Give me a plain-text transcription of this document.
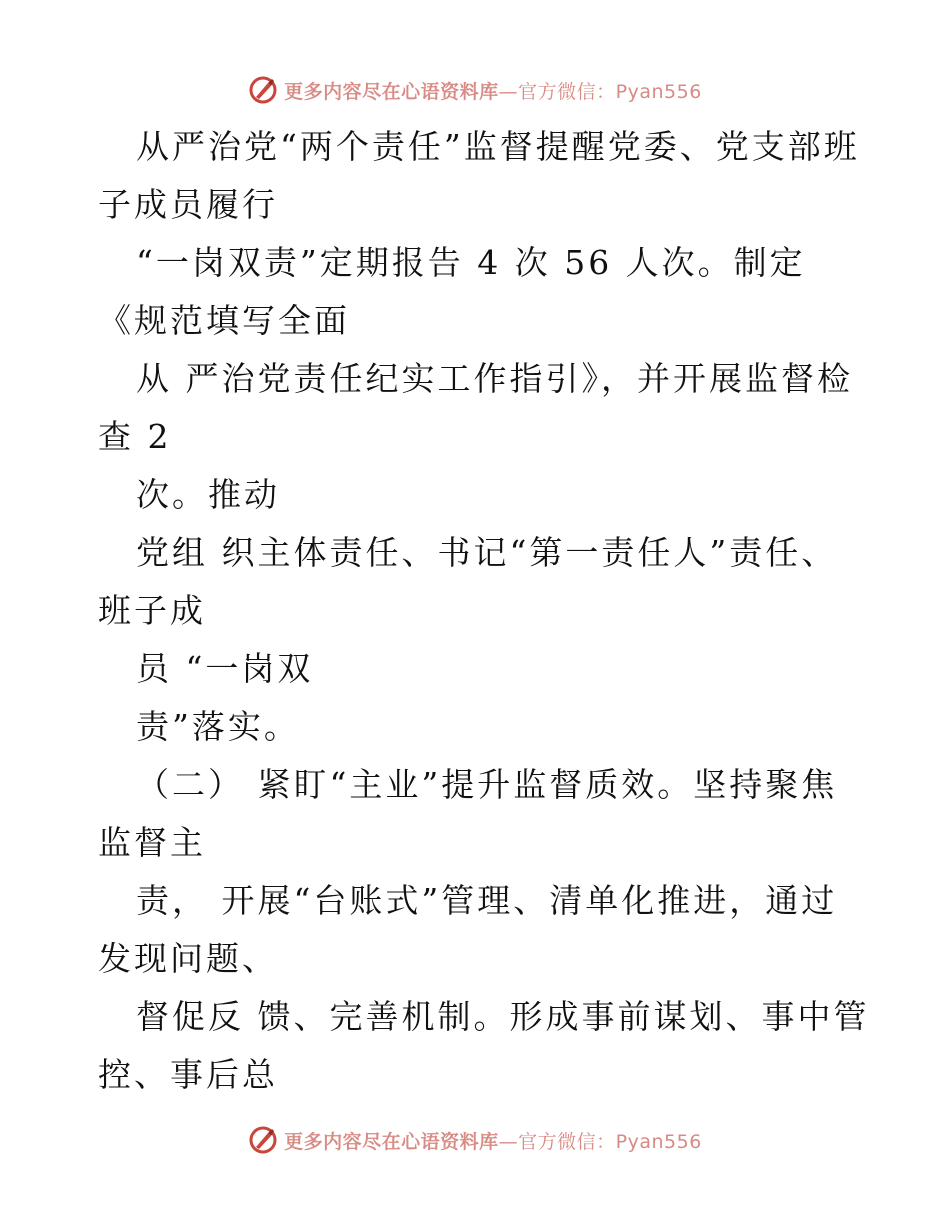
更多内容尽在心语资料库—官方微信：Pyan556
从严治党“两个责任”监督提醒党委、党支部班
子成员履行
“一岗双责”定期报告 4 次 56 人次。制定
《规范填写全面
从 严治党责任纪实工作指引》，并开展监督检
查 2
次。推动
党组 织主体责任、书记“第一责任人”责任、
班子成
员 “一岗双
责”落实。
（二） 紧盯“主业”提升监督质效。坚持聚焦
监督主
责， 开展“台账式”管理、清单化推进，通过
发现问题、
督促反 馈、完善机制。形成事前谋划、事中管
控、事后总
更多内容尽在心语资料库—官方微信：Pyan556
